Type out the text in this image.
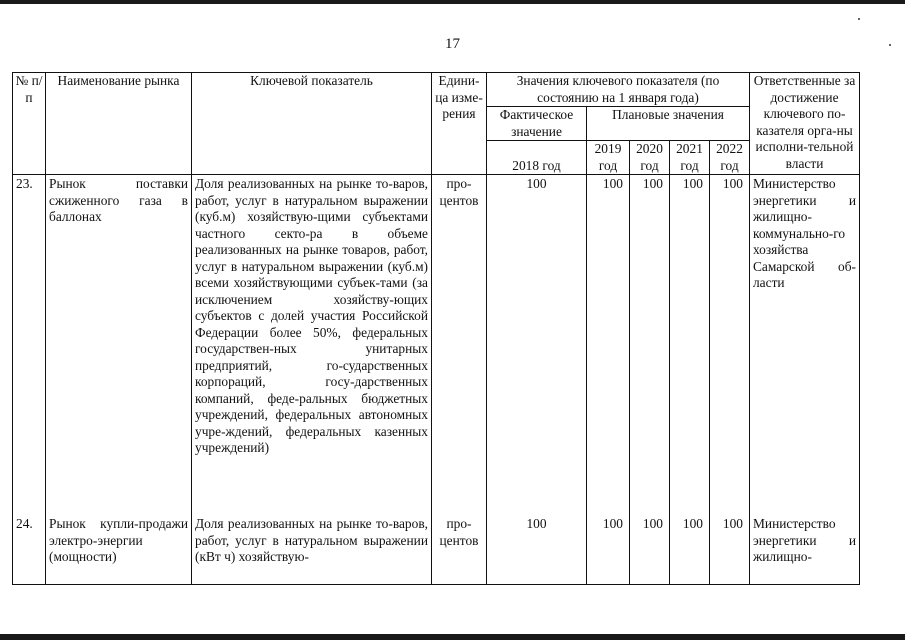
17
№ п/п	Наименование рынка	Ключевой показатель	Едини-ца изме-рения	Значения ключевого показателя (по состоянию на 1 января года)					Ответственные за достижение ключевого по-казателя орга-ны исполни-тельной власти
				Фактическое значение	Плановые значения				
				2018 год	2019 год	2020 год	2021 год	2022 год	
23.	Рынок поставки сжиженного газа в баллонах	Доля реализованных на рынке то-варов, работ, услуг в натуральном выражении (куб.м) хозяйствую-щими субъектами частного секто-ра в объеме реализованных на рынке товаров, работ, услуг в натуральном выражении (куб.м) всеми хозяйствующими субъек-тами (за исключением хозяйству-ющих субъектов с долей участия Российской Федерации более 50%, федеральных государствен-ных унитарных предприятий, го-сударственных корпораций, госу-дарственных компаний, феде-ральных бюджетных учреждений, федеральных автономных учре-ждений, федеральных казенных учреждений)	про-центов	100	100	100	100	100	Министерство энергетики и жилищно-коммунально-го хозяйства Самарской об-ласти
24.	Рынок купли-продажи электро-энергии (мощности)	Доля реализованных на рынке то-варов, работ, услуг в натуральном выражении (кВт ч) хозяйствую-	про-центов	100	100	100	100	100	Министерство энергетики и жилищно-
